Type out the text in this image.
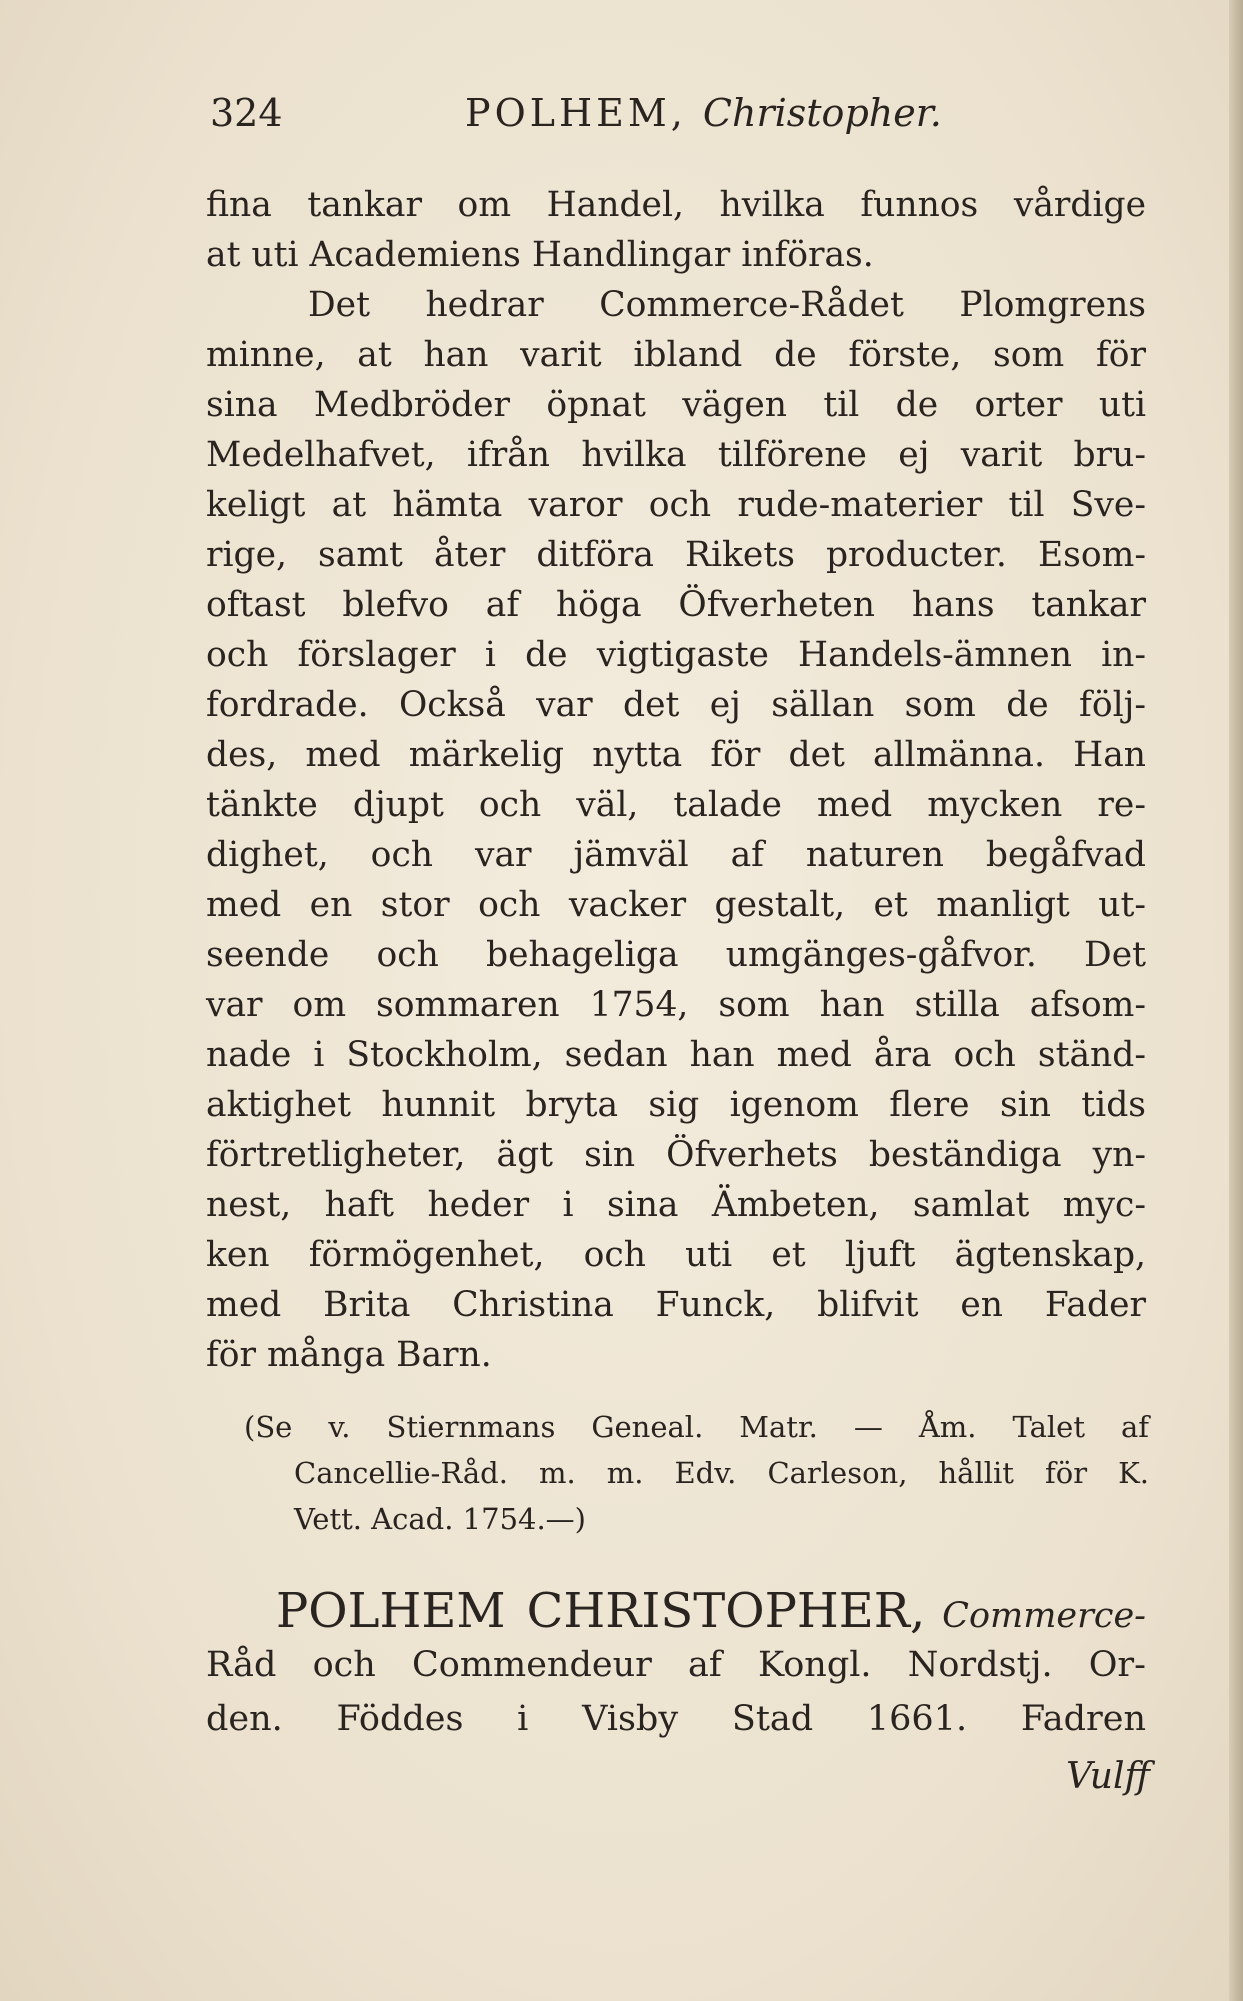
324	POLHEM, Christopher.
fina tankar om Handel, hvilka funnos vårdige
at uti Academiens Handlingar införas.
Det hedrar Commerce-Rådet Plomgrens
minne, at han varit ibland de förste, som för
sina Medbröder öpnat vägen til de orter uti
Medelhafvet, ifrån hvilka tilförene ej varit bru-
keligt at hämta varor och rude-materier til Sve-
rige, samt åter ditföra Rikets producter. Esom-
oftast blefvo af höga Öfverheten hans tankar
och förslager i de vigtigaste Handels-ämnen in-
fordrade. Också var det ej sällan som de följ-
des, med märkelig nytta för det allmänna. Han
tänkte djupt och väl, talade med mycken re-
dighet, och var jämväl af naturen begåfvad
med en stor och vacker gestalt, et manligt ut-
seende och behageliga umgänges-gåfvor. Det
var om sommaren 1754, som han stilla afsom-
nade i Stockholm, sedan han med åra och ständ-
aktighet hunnit bryta sig igenom flere sin tids
förtretligheter, ägt sin Öfverhets beständiga yn-
nest, haft heder i sina Ämbeten, samlat myc-
ken förmögenhet, och uti et ljuft ägtenskap,
med Brita Christina Funck, blifvit en Fader
för många Barn.
(Se v. Stiernmans Geneal. Matr. — Åm. Talet af
Cancellie-Råd. m. m. Edv. Carleson, hållit för K.
Vett. Acad. 1754.—)
POLHEM CHRISTOPHER, Commerce-
Råd och Commendeur af Kongl. Nordstj. Or-
den. Föddes i Visby Stad 1661. Fadren
Vulff
